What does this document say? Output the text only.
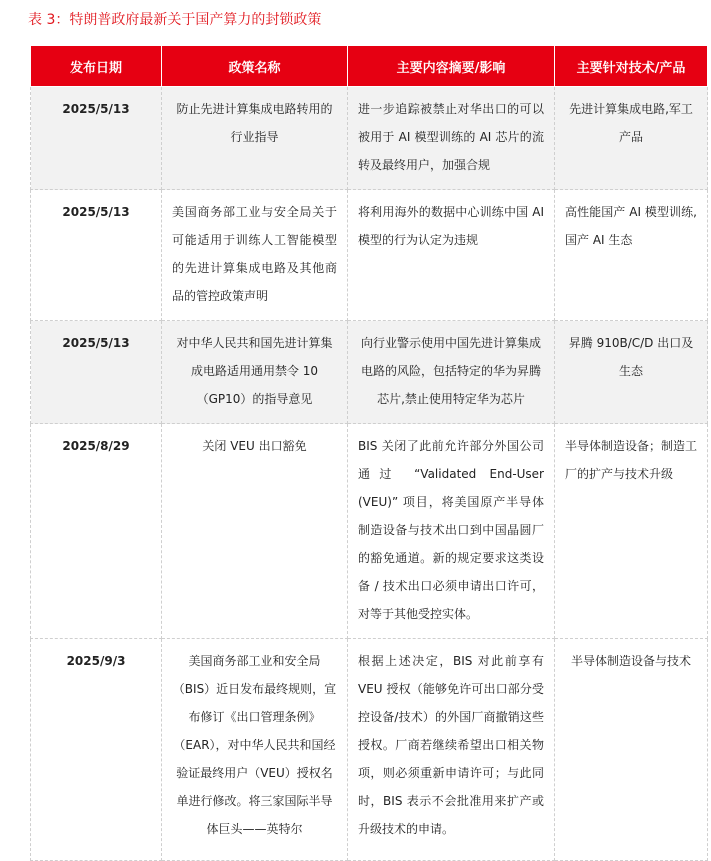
表 3：特朗普政府最新关于国产算力的封锁政策
发布日期	政策名称	主要内容摘要/影响	主要针对技术/产品
2025/5/13	防止先进计算集成电路转用的行业指导	进一步追踪被禁止对华出口的可以被用于 AI 模型训练的 AI 芯片的流转及最终用户，加强合规	先进计算集成电路,军工产品
2025/5/13	美国商务部工业与安全局关于可能适用于训练人工智能模型的先进计算集成电路及其他商品的管控政策声明	将利用海外的数据中心训练中国 AI 模型的行为认定为违规	高性能国产 AI 模型训练,国产 AI 生态
2025/5/13	对中华人民共和国先进计算集成电路适用通用禁令 10（GP10）的指导意见	向行业警示使用中国先进计算集成电路的风险，包括特定的华为昇腾芯片,禁止使用特定华为芯片	昇腾 910B/C/D 出口及生态
2025/8/29	关闭 VEU 出口豁免	BIS 关闭了此前允许部分外国公司通过 “Validated End-User (VEU)” 项目，将美国原产半导体制造设备与技术出口到中国晶圆厂的豁免通道。新的规定要求这类设备 / 技术出口必须申请出口许可，对等于其他受控实体。	半导体制造设备；制造工厂的扩产与技术升级
2025/9/3	美国商务部工业和安全局（BIS）近日发布最终规则，宣布修订《出口管理条例》（EAR），对中华人民共和国经验证最终用户（VEU）授权名单进行修改。将三家国际半导体巨头——英特尔	根据上述决定，BIS 对此前享有 VEU 授权（能够免许可出口部分受控设备/技术）的外国厂商撤销这些授权。厂商若继续希望出口相关物项，则必须重新申请许可；与此同时，BIS 表示不会批准用来扩产或升级技术的申请。	半导体制造设备与技术
